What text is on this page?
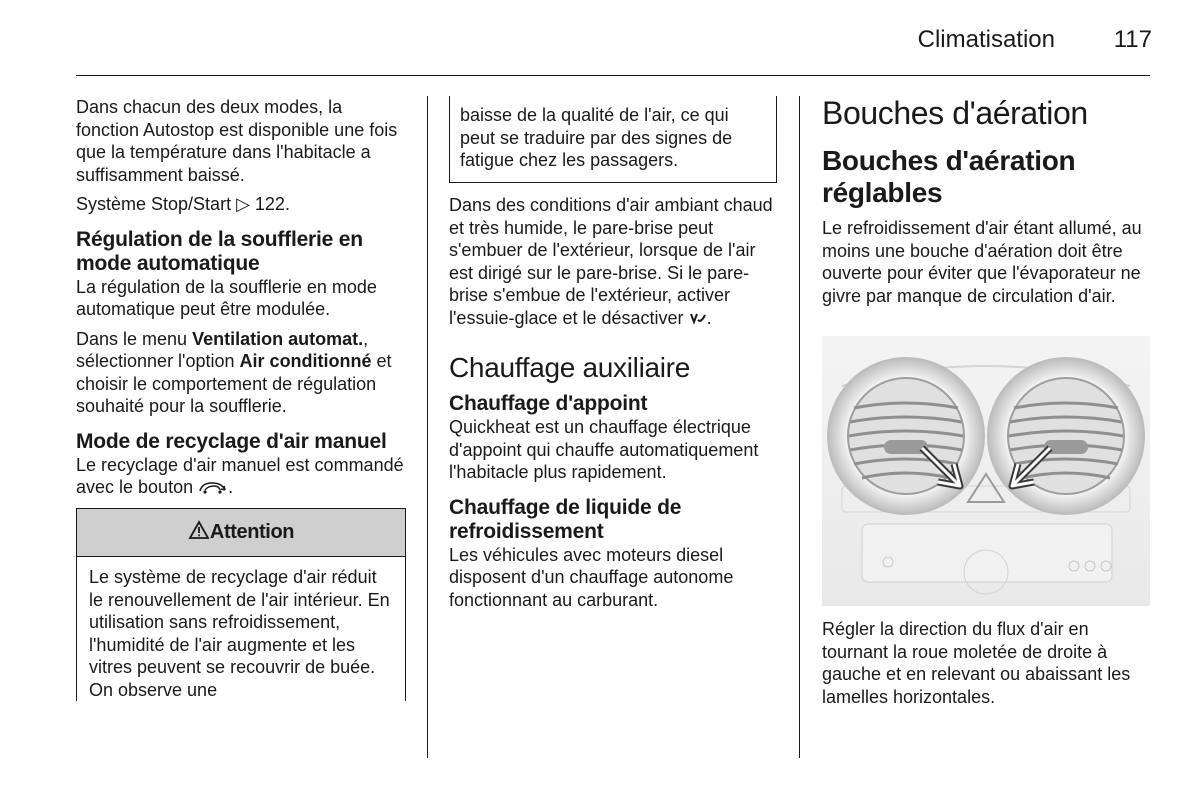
Climatisation	117

Dans chacun des deux modes, la fonction Autostop est disponible une fois que la température dans l'habitacle a suffisamment baissé.

Système Stop/Start ▷ 122.

Régulation de la soufflerie en mode automatique

La régulation de la soufflerie en mode automatique peut être modulée.

Dans le menu Ventilation automat., sélectionner l'option Air conditionné et choisir le comportement de régulation souhaité pour la soufflerie.

Mode de recyclage d'air manuel

Le recyclage d'air manuel est commandé avec le bouton .

Attention
Le système de recyclage d'air réduit le renouvellement de l'air intérieur. En utilisation sans refroidissement, l'humidité de l'air augmente et les vitres peuvent se recouvrir de buée. On observe une
baisse de la qualité de l'air, ce qui peut se traduire par des signes de fatigue chez les passagers.

Dans des conditions d'air ambiant chaud et très humide, le pare-brise peut s'embuer de l'extérieur, lorsque de l'air est dirigé sur le pare-brise. Si le pare-brise s'embue de l'extérieur, activer l'essuie-glace et le désactiver .

Chauffage auxiliaire
Chauffage d'appoint

Quickheat est un chauffage électrique d'appoint qui chauffe automatiquement l'habitacle plus rapidement.

Chauffage de liquide de refroidissement

Les véhicules avec moteurs diesel disposent d'un chauffage autonome fonctionnant au carburant.

Bouches d'aération
Bouches d'aération réglables

Le refroidissement d'air étant allumé, au moins une bouche d'aération doit être ouverte pour éviter que l'évaporateur ne givre par manque de circulation d'air.

Régler la direction du flux d'air en tournant la roue moletée de droite à gauche et en relevant ou abaissant les lamelles horizontales.
